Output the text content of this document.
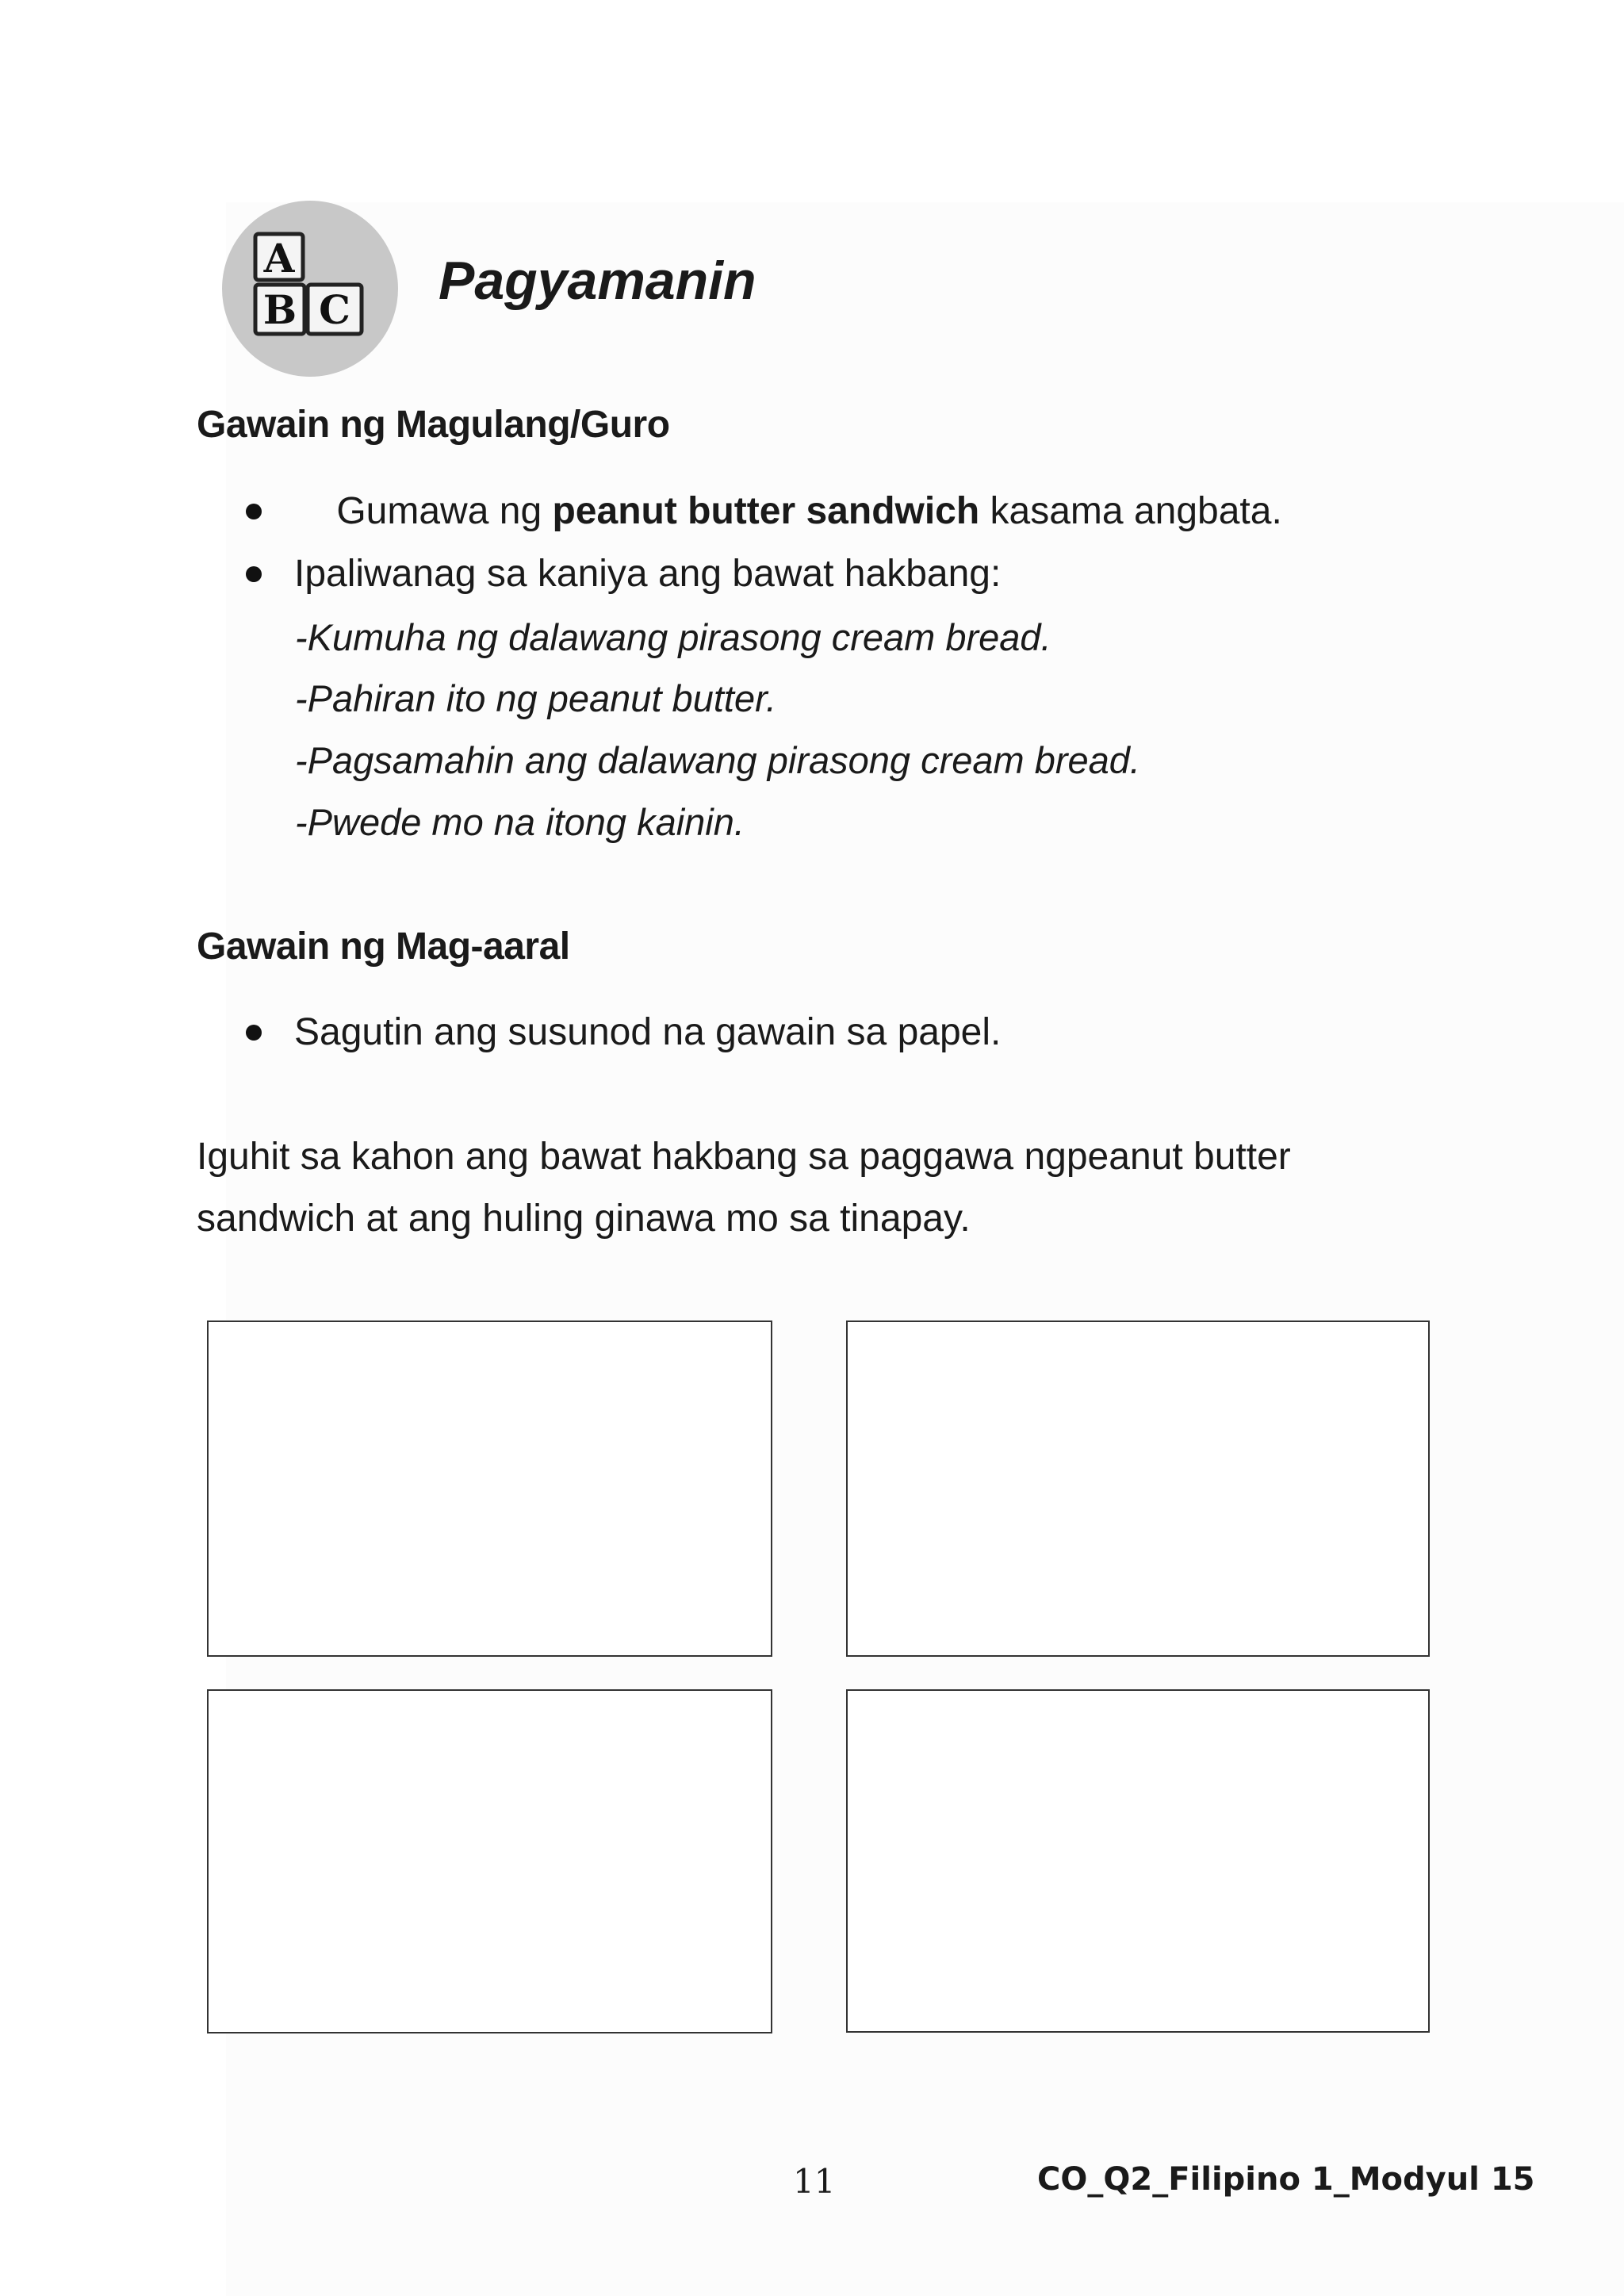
A
B C Pagyamanin
Gawain ng Magulang/Guro

Gumawa ng peanut butter sandwich kasama angbata.

Ipaliwanag sa kaniya ang bawat hakbang:
-Kumuha ng dalawang pirasong cream bread.
-Pahiran ito ng peanut butter.
-Pagsamahin ang dalawang pirasong cream bread.
-Pwede mo na itong kainin.
Gawain ng Mag-aaral
Sagutin ang susunod na gawain sa papel.
Iguhit sa kahon ang bawat hakbang sa paggawa ngpeanut butter
sandwich at ang huling ginawa mo sa tinapay.
11	CO_Q2_Filipino 1_Modyul 15
